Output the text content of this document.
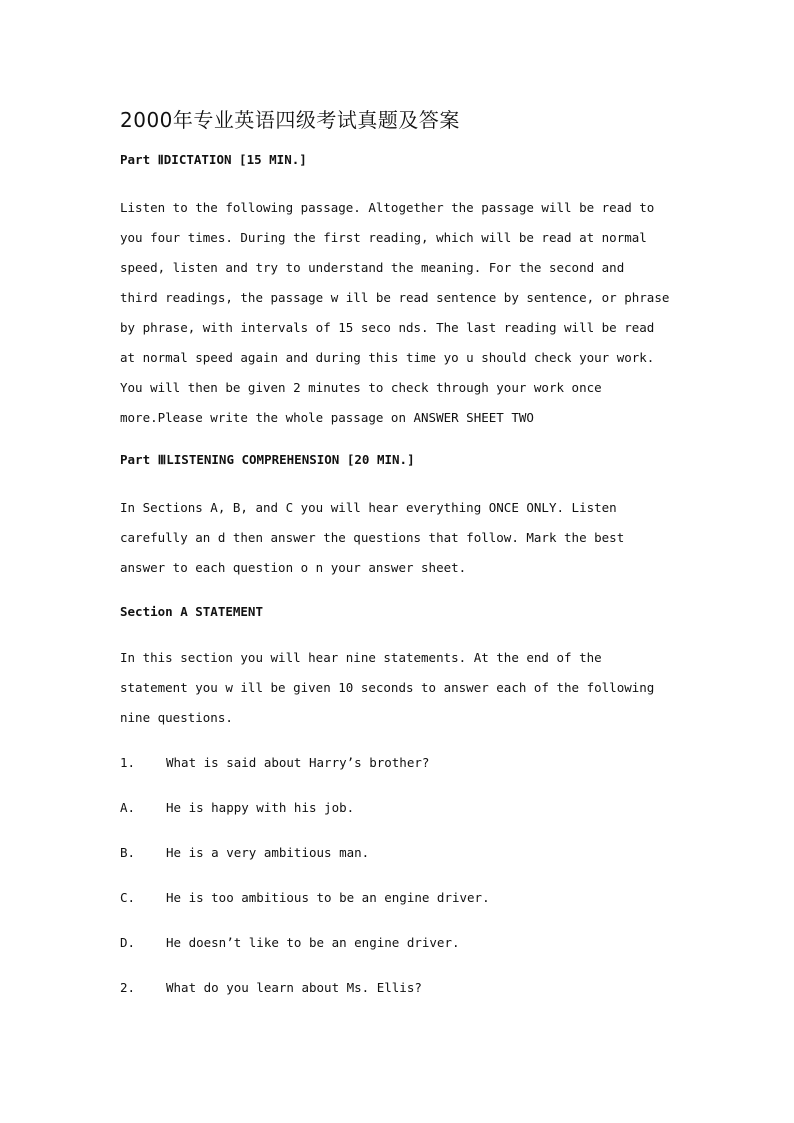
2000年专业英语四级考试真题及答案
Part ⅡDICTATION [15 MIN.]
Listen to the following passage. Altogether the passage will be read to
you four times. During the first reading, which will be read at normal
speed, listen and try to understand the meaning. For the second and
third readings, the passage w ill be read sentence by sentence, or phrase
by phrase, with intervals of 15 seco nds. The last reading will be read
at normal speed again and during this time yo u should check your work.
You will then be given 2 minutes to check through your work once
more.Please write the whole passage on ANSWER SHEET TWO
Part ⅢLISTENING COMPREHENSION [20 MIN.]
In Sections A, B, and C you will hear everything ONCE ONLY. Listen
carefully an d then answer the questions that follow. Mark the best
answer to each question o n your answer sheet.
Section A STATEMENT
In this section you will hear nine statements. At the end of the
statement you w ill be given 10 seconds to answer each of the following
nine questions.
1. What is said about Harry’s brother?
A. He is happy with his job.
B. He is a very ambitious man.
C. He is too ambitious to be an engine driver.
D. He doesn’t like to be an engine driver.
2. What do you learn about Ms. Ellis?
